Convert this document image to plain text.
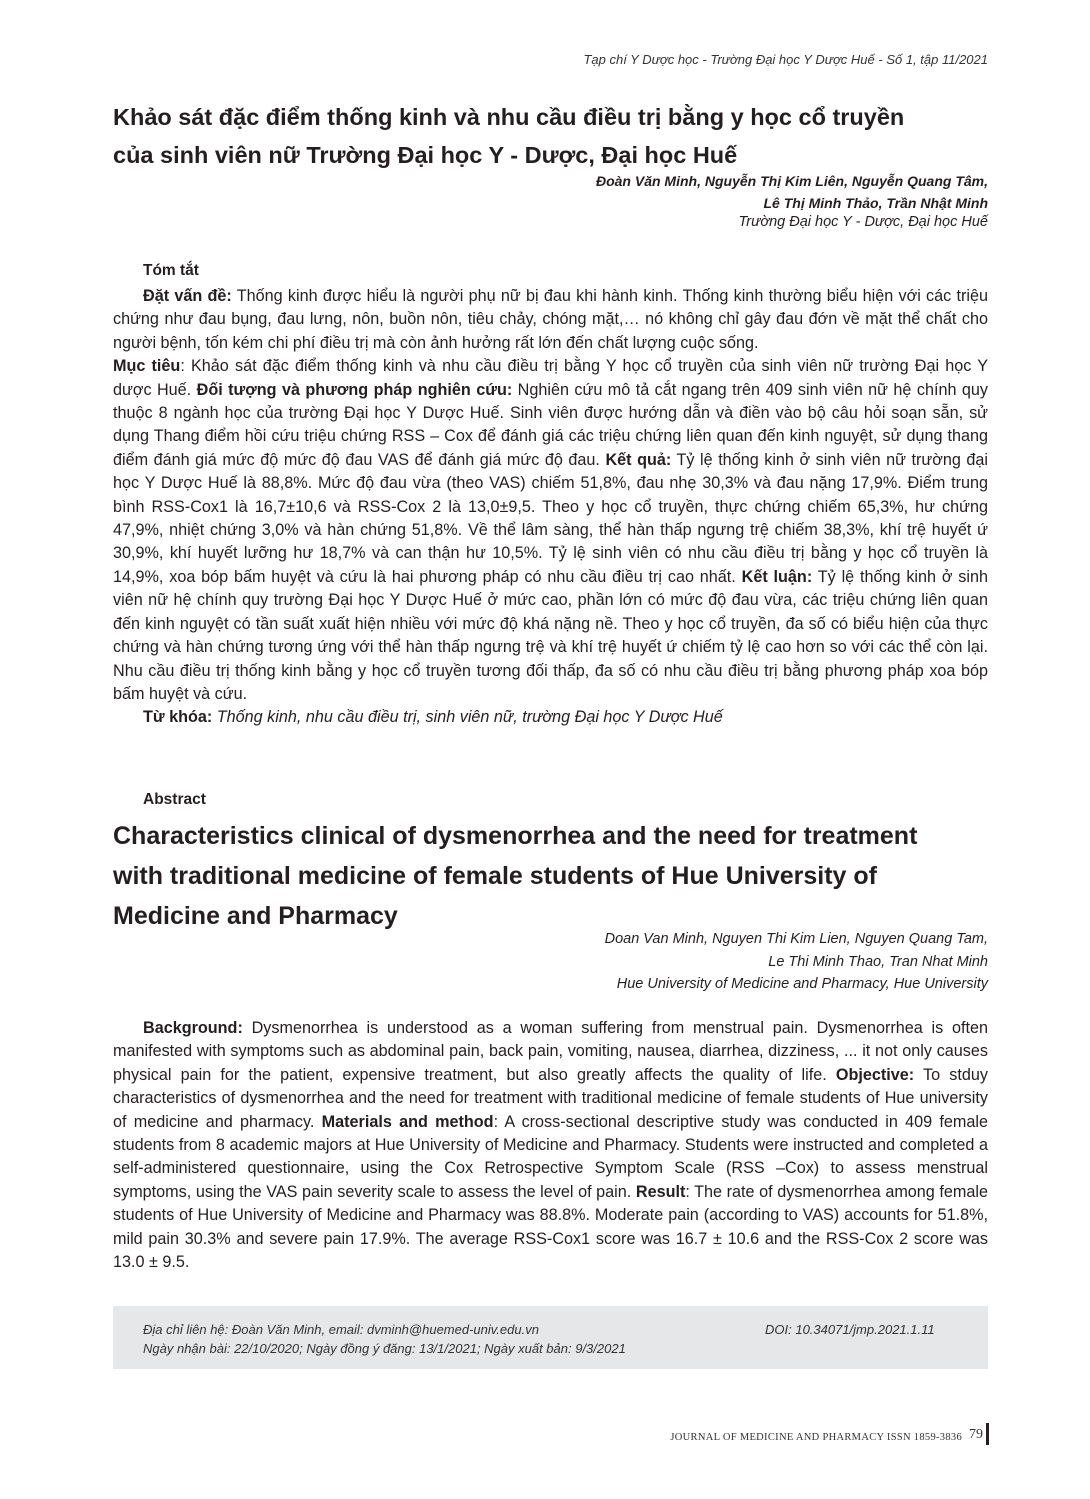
Tạp chí Y Dược học - Trường Đại học Y Dược Huế - Số 1, tập 11/2021
Khảo sát đặc điểm thống kinh và nhu cầu điều trị bằng y học cổ truyền
của sinh viên nữ Trường Đại học Y - Dược, Đại học Huế
Đoàn Văn Minh, Nguyễn Thị Kim Liên, Nguyễn Quang Tâm,
Lê Thị Minh Thảo, Trần Nhật Minh
Trường Đại học Y - Dược, Đại học Huế
Tóm tắt

Đặt vấn đề: Thống kinh được hiểu là người phụ nữ bị đau khi hành kinh. Thống kinh thường biểu hiện với các triệu chứng như đau bụng, đau lưng, nôn, buồn nôn, tiêu chảy, chóng mặt,… nó không chỉ gây đau đớn về mặt thể chất cho người bệnh, tốn kém chi phí điều trị mà còn ảnh hưởng rất lớn đến chất lượng cuộc sống.

Mục tiêu: Khảo sát đặc điểm thống kinh và nhu cầu điều trị bằng Y học cổ truyền của sinh viên nữ trường Đại học Y dược Huế. Đối tượng và phương pháp nghiên cứu: Nghiên cứu mô tả cắt ngang trên 409 sinh viên nữ hệ chính quy thuộc 8 ngành học của trường Đại học Y Dược Huế. Sinh viên được hướng dẫn và điền vào bộ câu hỏi soạn sẵn, sử dụng Thang điểm hồi cứu triệu chứng RSS – Cox để đánh giá các triệu chứng liên quan đến kinh nguyệt, sử dụng thang điểm đánh giá mức độ mức độ đau VAS để đánh giá mức độ đau. Kết quả: Tỷ lệ thống kinh ở sinh viên nữ trường đại học Y Dược Huế là 88,8%. Mức độ đau vừa (theo VAS) chiếm 51,8%, đau nhẹ 30,3% và đau nặng 17,9%. Điểm trung bình RSS-Cox1 là 16,7±10,6 và RSS-Cox 2 là 13,0±9,5. Theo y học cổ truyền, thực chứng chiếm 65,3%, hư chứng 47,9%, nhiệt chứng 3,0% và hàn chứng 51,8%. Về thể lâm sàng, thể hàn thấp ngưng trệ chiếm 38,3%, khí trệ huyết ứ 30,9%, khí huyết lưỡng hư 18,7% và can thận hư 10,5%. Tỷ lệ sinh viên có nhu cầu điều trị bằng y học cổ truyền là 14,9%, xoa bóp bấm huyệt và cứu là hai phương pháp có nhu cầu điều trị cao nhất. Kết luận: Tỷ lệ thống kinh ở sinh viên nữ hệ chính quy trường Đại học Y Dược Huế ở mức cao, phần lớn có mức độ đau vừa, các triệu chứng liên quan đến kinh nguyệt có tần suất xuất hiện nhiều với mức độ khá nặng nề. Theo y học cổ truyền, đa số có biểu hiện của thực chứng và hàn chứng tương ứng với thể hàn thấp ngưng trệ và khí trệ huyết ứ chiếm tỷ lệ cao hơn so với các thể còn lại. Nhu cầu điều trị thống kinh bằng y học cổ truyền tương đối thấp, đa số có nhu cầu điều trị bằng phương pháp xoa bóp bấm huyệt và cứu.

Từ khóa: Thống kinh, nhu cầu điều trị, sinh viên nữ, trường Đại học Y Dược Huế

Abstract
Characteristics clinical of dysmenorrhea and the need for treatment
with traditional medicine of female students of Hue University of
Medicine and Pharmacy
Doan Van Minh, Nguyen Thi Kim Lien, Nguyen Quang Tam,
Le Thi Minh Thao, Tran Nhat Minh
Hue University of Medicine and Pharmacy, Hue University

Background: Dysmenorrhea is understood as a woman suffering from menstrual pain. Dysmenorrhea is often manifested with symptoms such as abdominal pain, back pain, vomiting, nausea, diarrhea, dizziness, ... it not only causes physical pain for the patient, expensive treatment, but also greatly affects the quality of life. Objective: To stduy characteristics of dysmenorrhea and the need for treatment with traditional medicine of female students of Hue university of medicine and pharmacy. Materials and method: A cross-sectional descriptive study was conducted in 409 female students from 8 academic majors at Hue University of Medicine and Pharmacy. Students were instructed and completed a self-administered questionnaire, using the Cox Retrospective Symptom Scale (RSS –Cox) to assess menstrual symptoms, using the VAS pain severity scale to assess the level of pain. Result: The rate of dysmenorrhea among female students of Hue University of Medicine and Pharmacy was 88.8%. Moderate pain (according to VAS) accounts for 51.8%, mild pain 30.3% and severe pain 17.9%. The average RSS-Cox1 score was 16.7 ± 10.6 and the RSS-Cox 2 score was 13.0 ± 9.5.

Địa chỉ liên hệ: Đoàn Văn Minh, email: dvminh@huemed-univ.edu.vn	DOI: 10.34071/jmp.2021.1.11
Ngày nhận bài: 22/10/2020; Ngày đồng ý đăng: 13/1/2021; Ngày xuất bản: 9/3/2021
JOURNAL OF MEDICINE AND PHARMACY ISSN 1859-3836 79
